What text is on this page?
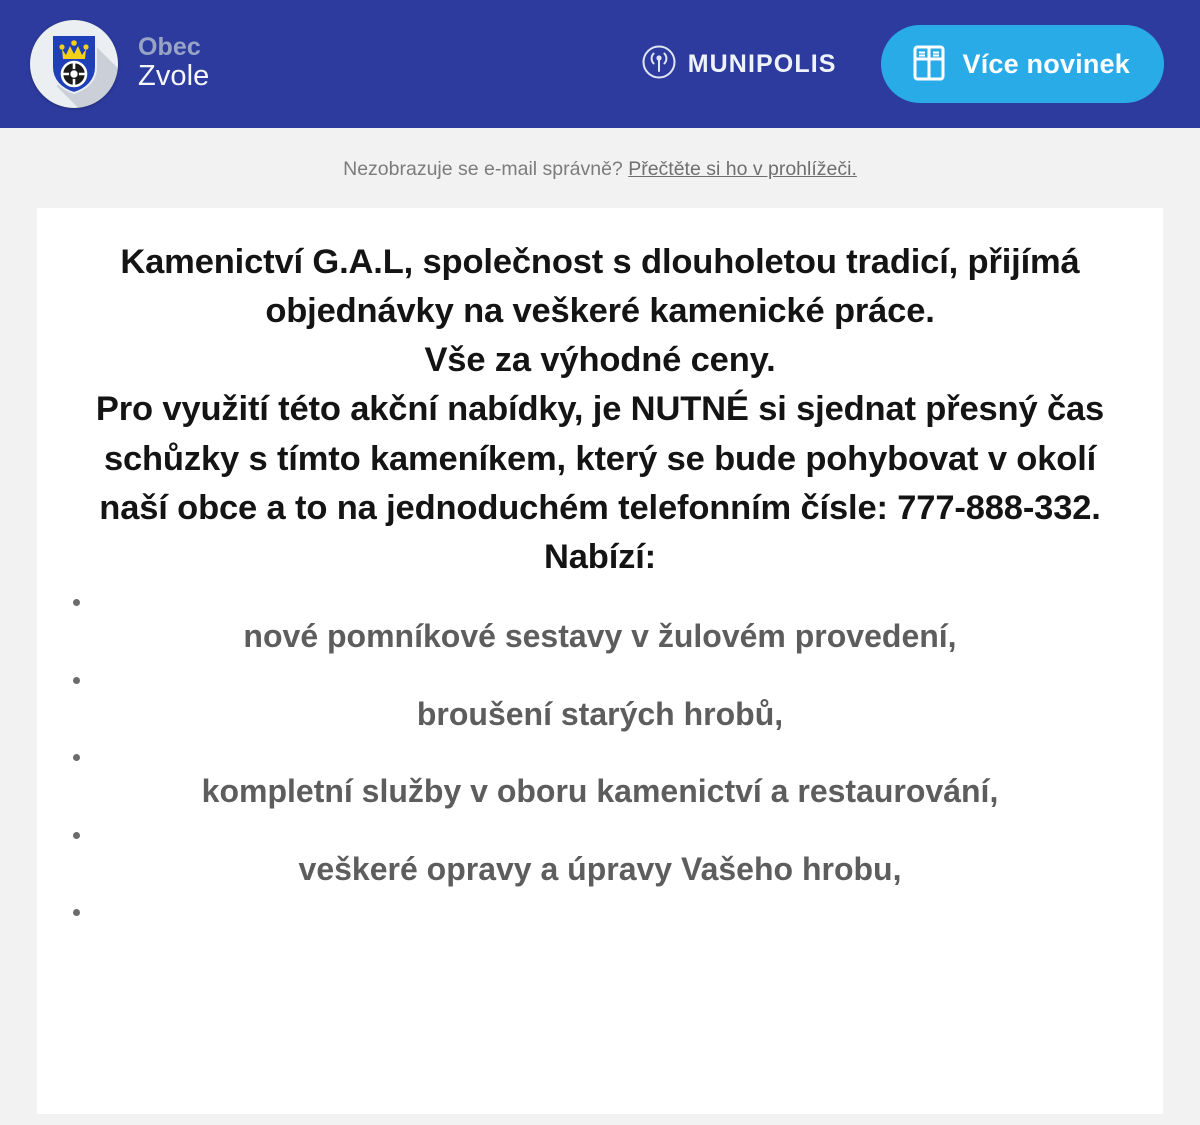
Obec
Zvole	MUNIPOLIS	Více novinek
Nezobrazuje se e-mail správně? Přečtěte si ho v prohlížeči.

Kamenictví G.A.L, společnost s dlouholetou tradicí, přijímá objednávky na veškeré kamenické práce.

Vše za výhodné ceny.

Pro využití této akční nabídky, je NUTNÉ si sjednat přesný čas schůzky s tímto kameníkem, který se bude pohybovat v okolí naší obce a to na jednoduchém telefonním čísle: 777-888-332.

Nabízí:

nové pomníkové sestavy v žulovém provedení,
broušení starých hrobů,
kompletní služby v oboru kamenictví a restaurování,
veškeré opravy a úpravy Vašeho hrobu,
